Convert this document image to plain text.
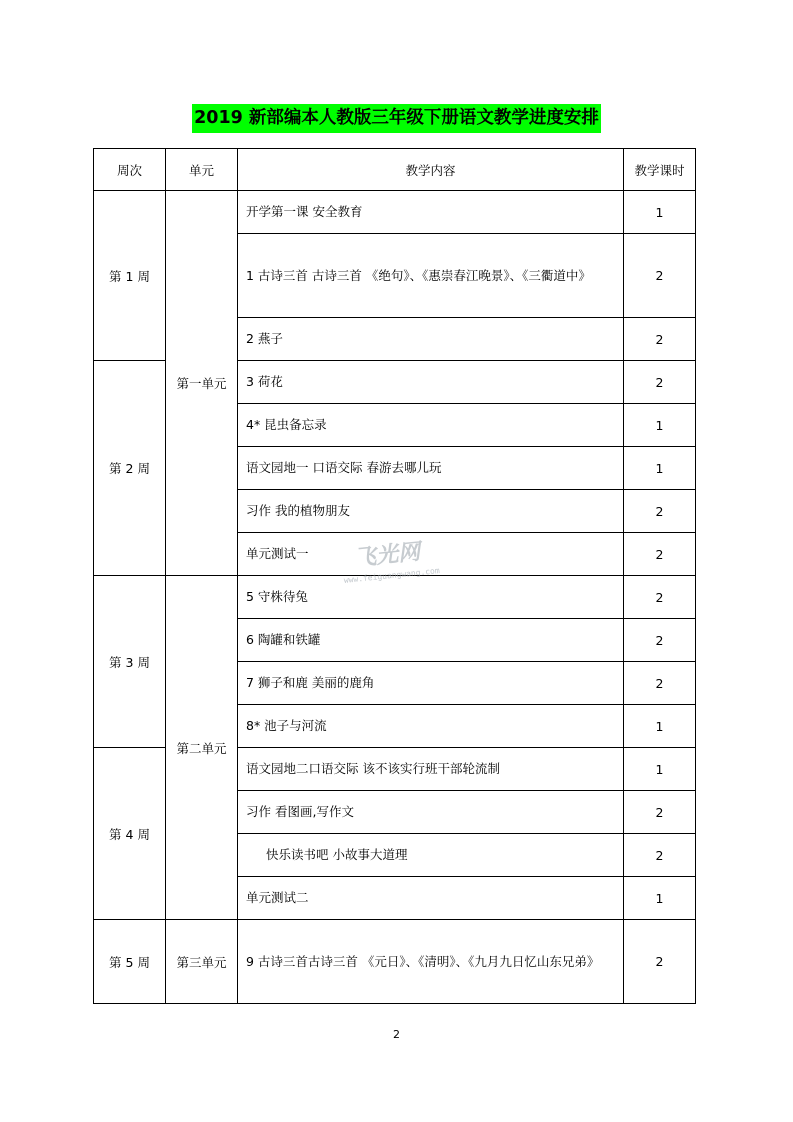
2019 新部编本人教版三年级下册语文教学进度安排
周次	单元	教学内容	教学课时
第 1 周	第一单元	开学第一课 安全教育	1
		1 古诗三首 古诗三首 《绝句》、《惠崇春江晚景》、《三衢道中》	2
		2 燕子	2
第 2 周		3 荷花	2
		4* 昆虫备忘录	1
		语文园地一 口语交际 春游去哪儿玩	1
		习作 我的植物朋友	2
		单元测试一	2
第 3 周	第二单元	5 守株待兔	2
		6 陶罐和铁罐	2
		7 狮子和鹿 美丽的鹿角	2
		8* 池子与河流	1
第 4 周		语文园地二口语交际 该不该实行班干部轮流制	1
		习作 看图画,写作文	2
		快乐读书吧 小故事大道理	2
		单元测试二	1
第 5 周	第三单元	9 古诗三首古诗三首 《元日》、《清明》、《九月九日忆山东兄弟》	2
飞光网
www.feiguangwang.com
2
